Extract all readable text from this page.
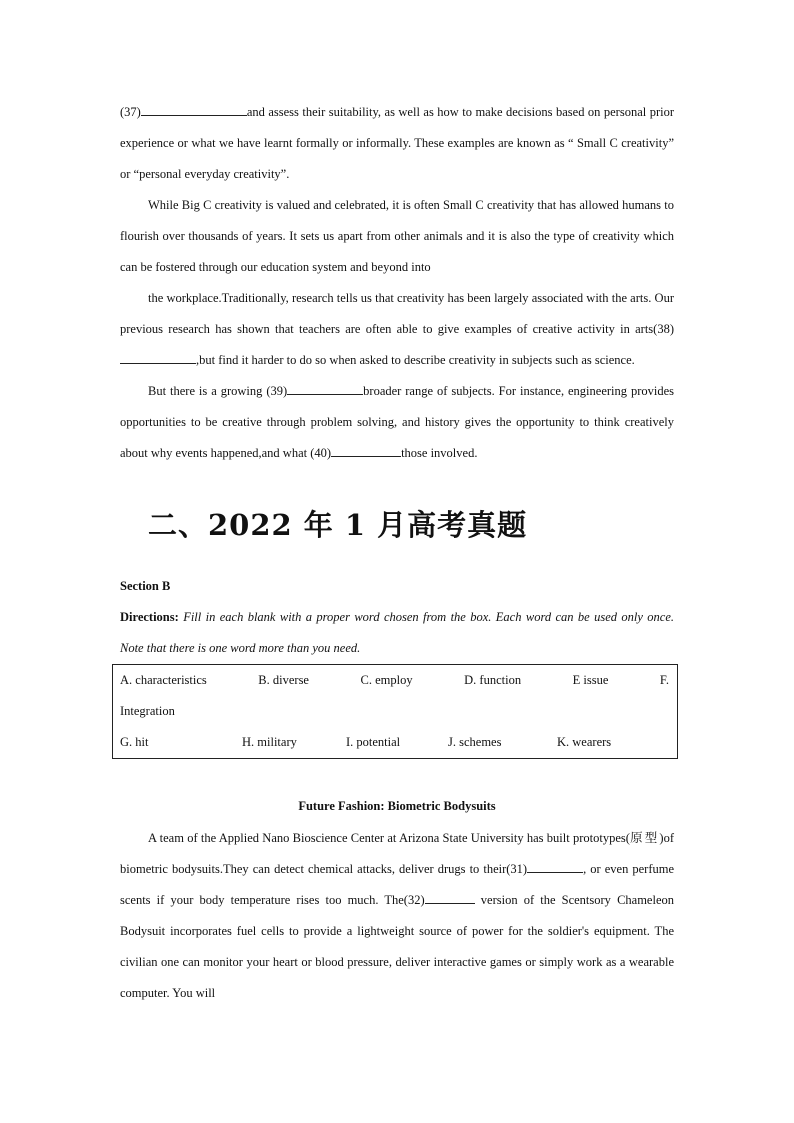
(37)	and assess their suitability, as well as how to make decisions based on personal prior experience or what we have learnt formally or informally. These examples are known as “ Small C creativity” or “personal everyday creativity”.

While Big C creativity is valued and celebrated, it is often Small C creativity that has allowed humans to flourish over thousands of years. It sets us apart from other animals and it is also the type of creativity which can be fostered through our education system and beyond into

the workplace.Traditionally, research tells us that creativity has been largely associated with the arts. Our previous research has shown that teachers are often able to give examples of creative activity in arts(38),but find it harder to do so when asked to describe creativity in subjects such as science.

But there is a growing (39)	broader range of subjects. For instance, engineering provides opportunities to be creative through problem solving, and history gives the opportunity to think creatively about why events happened,and what (40)	those involved.

二、2022 年 1 月高考真题
Section B
Directions: Fill in each blank with a proper word chosen from the box. Each word can be used only once. Note that there is one word more than you need.
A. characteristics	B. diverse	C. employ	D. function	E issue	F.
Integration
G. hit	H. military	I. potential	J. schemes	K. wearers
Future Fashion: Biometric Bodysuits

A team of the Applied Nano Bioscience Center at Arizona State University has built prototypes(原型)of biometric bodysuits.They can detect chemical attacks, deliver drugs to their(31)	, or even perfume scents if your body temperature rises too much. The(32)	version of the Scentsory Chameleon Bodysuit incorporates fuel cells to provide a lightweight source of power for the soldier's equipment. The civilian one can monitor your heart or blood pressure, deliver interactive games or simply work as a wearable computer. You will
